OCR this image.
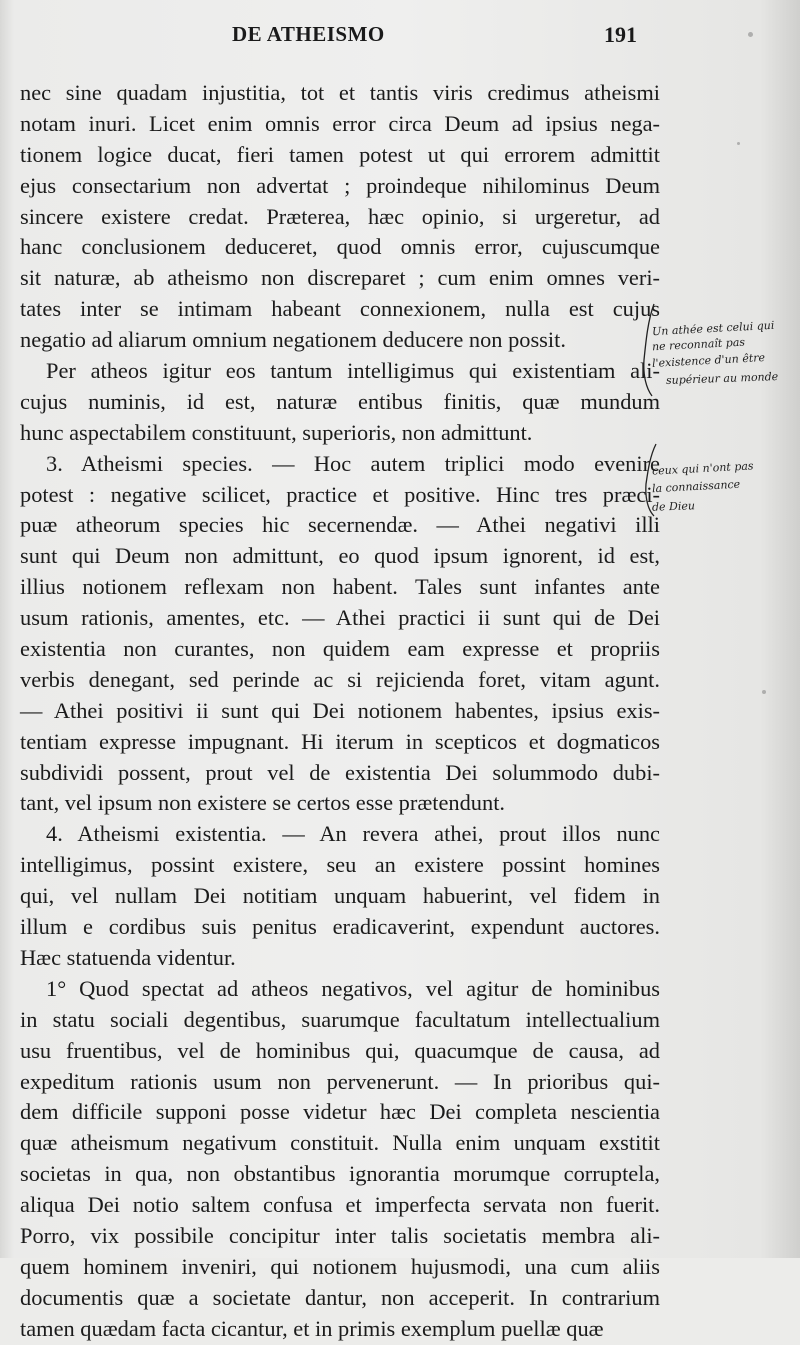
DE ATHEISMO	191
nec sine quadam injustitia, tot et tantis viris credimus atheismi
notam inuri. Licet enim omnis error circa Deum ad ipsius nega-
tionem logice ducat, fieri tamen potest ut qui errorem admittit
ejus consectarium non advertat ; proindeque nihilominus Deum
sincere existere credat. Præterea, hæc opinio, si urgeretur, ad
hanc conclusionem deduceret, quod omnis error, cujuscumque
sit naturæ, ab atheismo non discreparet ; cum enim omnes veri-
tates inter se intimam habeant connexionem, nulla est cujus
negatio ad aliarum omnium negationem deducere non possit.
Per atheos igitur eos tantum intelligimus qui existentiam ali-
cujus numinis, id est, naturæ entibus finitis, quæ mundum
hunc aspectabilem constituunt, superioris, non admittunt.
3. Atheismi species. — Hoc autem triplici modo evenire
potest : negative scilicet, practice et positive. Hinc tres præci-
puæ atheorum species hic secernendæ. — Athei negativi illi
sunt qui Deum non admittunt, eo quod ipsum ignorent, id est,
illius notionem reflexam non habent. Tales sunt infantes ante
usum rationis, amentes, etc. — Athei practici ii sunt qui de Dei
existentia non curantes, non quidem eam expresse et propriis
verbis denegant, sed perinde ac si rejicienda foret, vitam agunt.
— Athei positivi ii sunt qui Dei notionem habentes, ipsius exis-
tentiam expresse impugnant. Hi iterum in scepticos et dogmaticos
subdividi possent, prout vel de existentia Dei solummodo dubi-
tant, vel ipsum non existere se certos esse prætendunt.
4. Atheismi existentia. — An revera athei, prout illos nunc
intelligimus, possint existere, seu an existere possint homines
qui, vel nullam Dei notitiam unquam habuerint, vel fidem in
illum e cordibus suis penitus eradicaverint, expendunt auctores.
Hæc statuenda videntur.
1° Quod spectat ad atheos negativos, vel agitur de hominibus
in statu sociali degentibus, suarumque facultatum intellectualium
usu fruentibus, vel de hominibus qui, quacumque de causa, ad
expeditum rationis usum non pervenerunt. — In prioribus qui-
dem difficile supponi posse videtur hæc Dei completa nescientia
quæ atheismum negativum constituit. Nulla enim unquam exstitit
societas in qua, non obstantibus ignorantia morumque corruptela,
aliqua Dei notio saltem confusa et imperfecta servata non fuerit.
Porro, vix possibile concipitur inter talis societatis membra ali-
quem hominem inveniri, qui notionem hujusmodi, una cum aliis
documentis quæ a societate dantur, non acceperit. In contrarium
tamen quædam facta cicantur, et in primis exemplum puellæ quæ
Un athée est celui qui
ne reconnaît pas
l'existence d'un être
supérieur au monde
ceux qui n'ont pas
la connaissance
de Dieu
